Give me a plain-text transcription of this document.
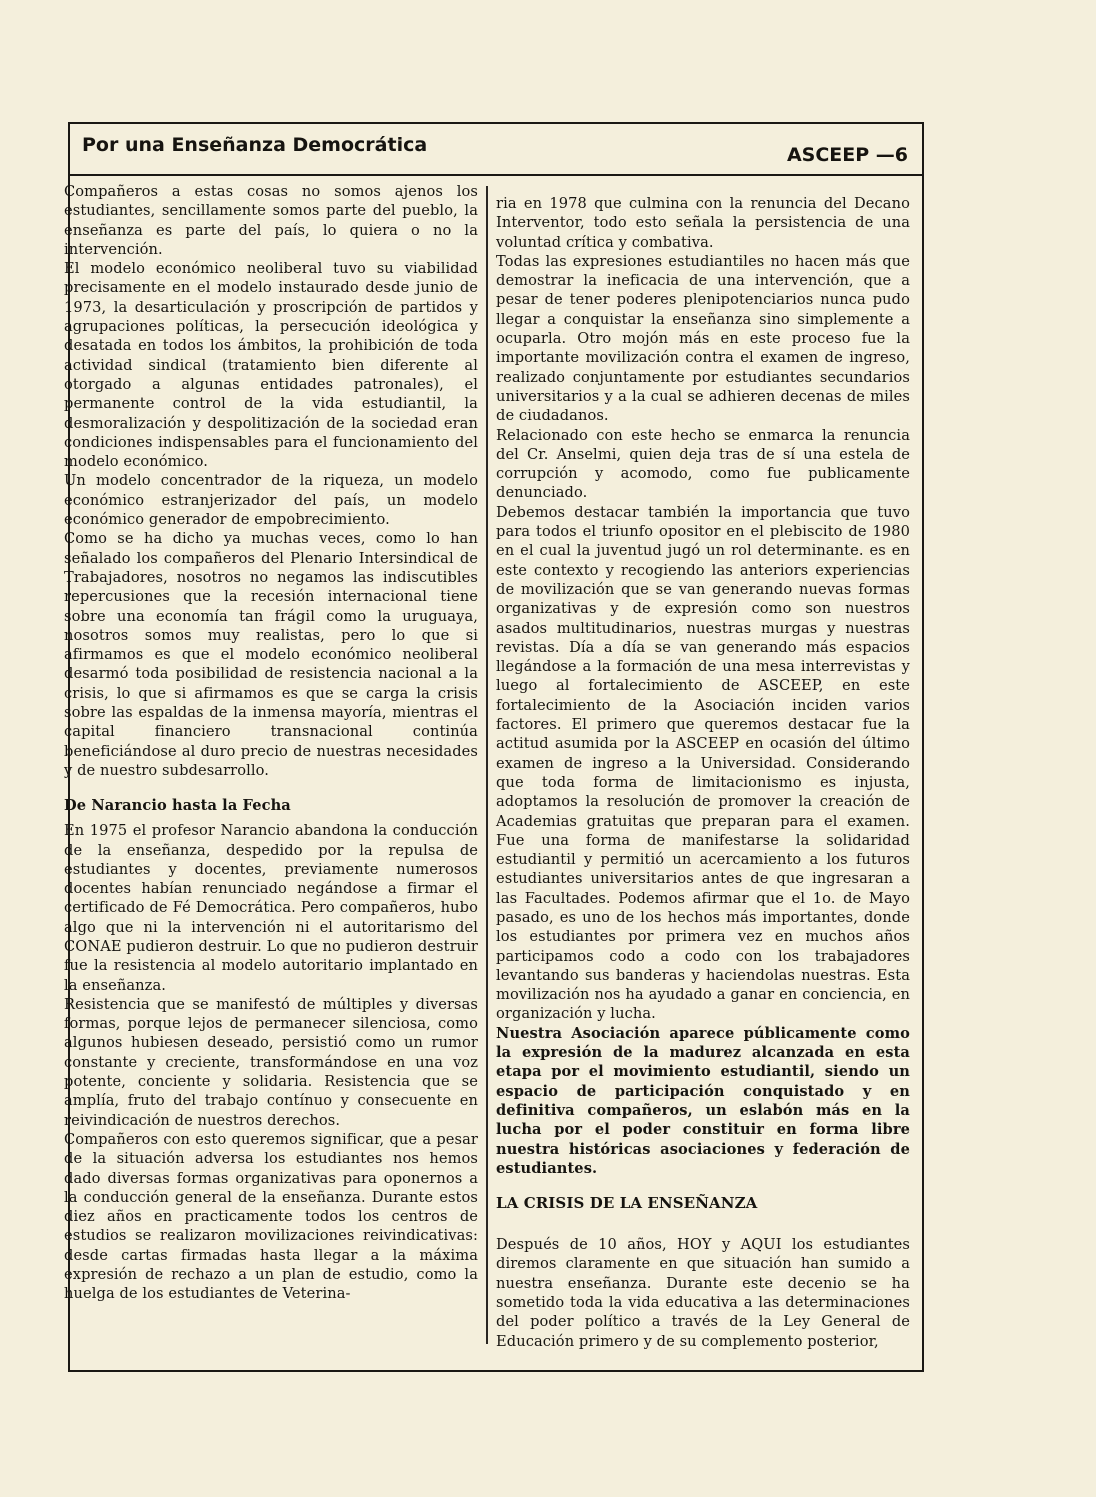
Por una Enseñanza Democrática	ASCEEP —6

Compañeros a estas cosas no somos ajenos los estudiantes, sencillamente somos parte del pueblo, la enseñanza es parte del país, lo quiera o no la intervención.

El modelo económico neoliberal tuvo su viabilidad precisamente en el modelo instaurado desde junio de 1973, la desarticulación y proscripción de partidos y agrupaciones políticas, la persecución ideológica y desatada en todos los ámbitos, la prohibición de toda actividad sindical (tratamiento bien diferente al otorgado a algunas entidades patronales), el permanente control de la vida estudiantil, la desmoralización y despolitización de la sociedad eran condiciones indispensables para el funcionamiento del modelo económico.

Un modelo concentrador de la riqueza, un modelo económico estranjerizador del país, un modelo económico generador de empobrecimiento.

Como se ha dicho ya muchas veces, como lo han señalado los compañeros del Plenario Intersindical de Trabajadores, nosotros no negamos las indiscutibles repercusiones que la recesión internacional tiene sobre una economía tan frágil como la uruguaya, nosotros somos muy realistas, pero lo que si afirmamos es que el modelo económico neoliberal desarmó toda posibilidad de resistencia nacional a la crisis, lo que si afirmamos es que se carga la crisis sobre las espaldas de la inmensa mayoría, mientras el capital financiero transnacional continúa beneficiándose al duro precio de nuestras necesidades y de nuestro subdesarrollo.

De Narancio hasta la Fecha

En 1975 el profesor Narancio abandona la conducción de la enseñanza, despedido por la repulsa de estudiantes y docentes, previamente numerosos docentes habían renunciado negándose a firmar el certificado de Fé Democrática. Pero compañeros, hubo algo que ni la intervención ni el autoritarismo del CONAE pudieron destruir. Lo que no pudieron destruir fue la resistencia al modelo autoritario implantado en la enseñanza.

Resistencia que se manifestó de múltiples y diversas formas, porque lejos de permanecer silenciosa, como algunos hubiesen deseado, persistió como un rumor constante y creciente, transformándose en una voz potente, conciente y solidaria. Resistencia que se amplía, fruto del trabajo contínuo y consecuente en reivindicación de nuestros derechos.

Compañeros con esto queremos significar, que a pesar de la situación adversa los estudiantes nos hemos dado diversas formas organizativas para oponernos a la conducción general de la enseñanza. Durante estos diez años en practicamente todos los centros de estudios se realizaron movilizaciones reivindicativas: desde cartas firmadas hasta llegar a la máxima expresión de rechazo a un plan de estudio, como la huelga de los estudiantes de Veterina-

ria en 1978 que culmina con la renuncia del Decano Interventor, todo esto señala la persistencia de una voluntad crítica y combativa.

Todas las expresiones estudiantiles no hacen más que demostrar la ineficacia de una intervención, que a pesar de tener poderes plenipotenciarios nunca pudo llegar a conquistar la enseñanza sino simplemente a ocuparla. Otro mojón más en este proceso fue la importante movilización contra el examen de ingreso, realizado conjuntamente por estudiantes secundarios universitarios y a la cual se adhieren decenas de miles de ciudadanos.

Relacionado con este hecho se enmarca la renuncia del Cr. Anselmi, quien deja tras de sí una estela de corrupción y acomodo, como fue publicamente denunciado.

Debemos destacar también la importancia que tuvo para todos el triunfo opositor en el plebiscito de 1980 en el cual la juventud jugó un rol determinante. es en este contexto y recogiendo las anteriors experiencias de movilización que se van generando nuevas formas organizativas y de expresión como son nuestros asados multitudinarios, nuestras murgas y nuestras revistas. Día a día se van generando más espacios llegándose a la formación de una mesa interrevistas y luego al fortalecimiento de ASCEEP, en este fortalecimiento de la Asociación inciden varios factores. El primero que queremos destacar fue la actitud asumida por la ASCEEP en ocasión del último examen de ingreso a la Universidad. Considerando que toda forma de limitacionismo es injusta, adoptamos la resolución de promover la creación de Academias gratuitas que preparan para el examen. Fue una forma de manifestarse la solidaridad estudiantil y permitió un acercamiento a los futuros estudiantes universitarios antes de que ingresaran a las Facultades. Podemos afirmar que el 1o. de Mayo pasado, es uno de los hechos más importantes, donde los estudiantes por primera vez en muchos años participamos codo a codo con los trabajadores levantando sus banderas y haciendolas nuestras. Esta movilización nos ha ayudado a ganar en conciencia, en organización y lucha.

Nuestra Asociación aparece públicamente como la expresión de la madurez alcanzada en esta etapa por el movimiento estudiantil, siendo un espacio de participación conquistado y en definitiva compañeros, un eslabón más en la lucha por el poder constituir en forma libre nuestra históricas asociaciones y federación de estudiantes.

LA CRISIS DE LA ENSEÑANZA

Después de 10 años, HOY y AQUI los estudiantes diremos claramente en que situación han sumido a nuestra enseñanza. Durante este decenio se ha sometido toda la vida educativa a las determinaciones del poder político a través de la Ley General de Educación primero y de su complemento posterior,
